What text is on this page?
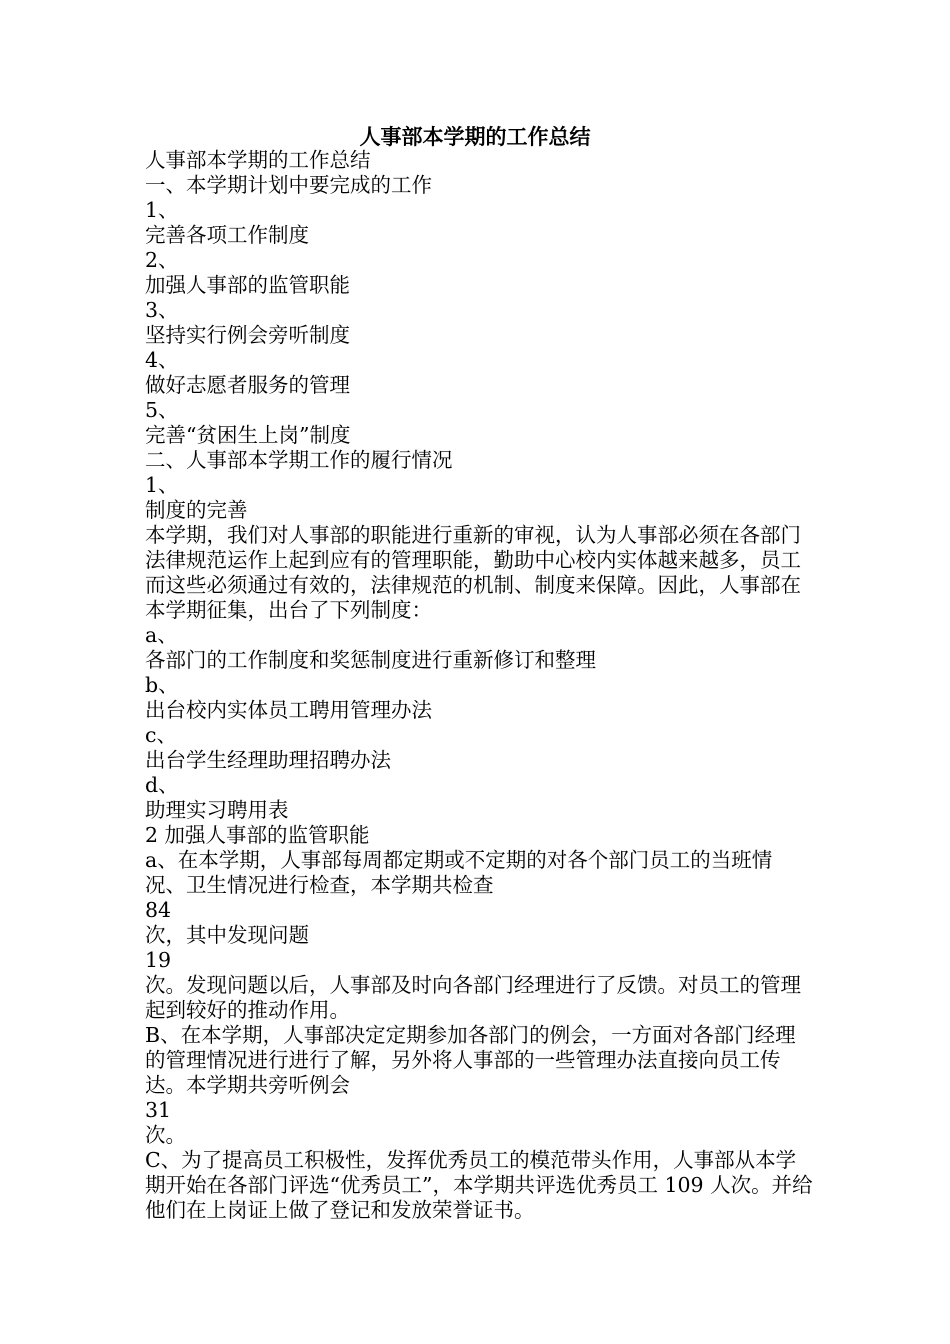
人事部本学期的工作总结

人事部本学期的工作总结

一、本学期计划中要完成的工作

1、

完善各项工作制度

2、

加强人事部的监管职能

3、

坚持实行例会旁听制度

4、

做好志愿者服务的管理

5、

完善“贫困生上岗”制度

二、人事部本学期工作的履行情况

1、

制度的完善

本学期，我们对人事部的职能进行重新的审视，认为人事部必须在各部门法律规范运作上起到应有的管理职能，勤助中心校内实体越来越多，员工而这些必须通过有效的，法律规范的机制、制度来保障。因此，人事部在本学期征集，出台了下列制度：

a、

各部门的工作制度和奖惩制度进行重新修订和整理

b、

出台校内实体员工聘用管理办法

c、

出台学生经理助理招聘办法

d、

助理实习聘用表

2 加强人事部的监管职能

a、在本学期，人事部每周都定期或不定期的对各个部门员工的当班情况、卫生情况进行检查，本学期共检查

84

次，其中发现问题

19

次。发现问题以后，人事部及时向各部门经理进行了反馈。对员工的管理起到较好的推动作用。

B、在本学期，人事部决定定期参加各部门的例会，一方面对各部门经理的管理情况进行进行了解，另外将人事部的一些管理办法直接向员工传达。本学期共旁听例会

31

次。

C、为了提高员工积极性，发挥优秀员工的模范带头作用，人事部从本学期开始在各部门评选“优秀员工”，本学期共评选优秀员工 109 人次。并给他们在上岗证上做了登记和发放荣誉证书。
